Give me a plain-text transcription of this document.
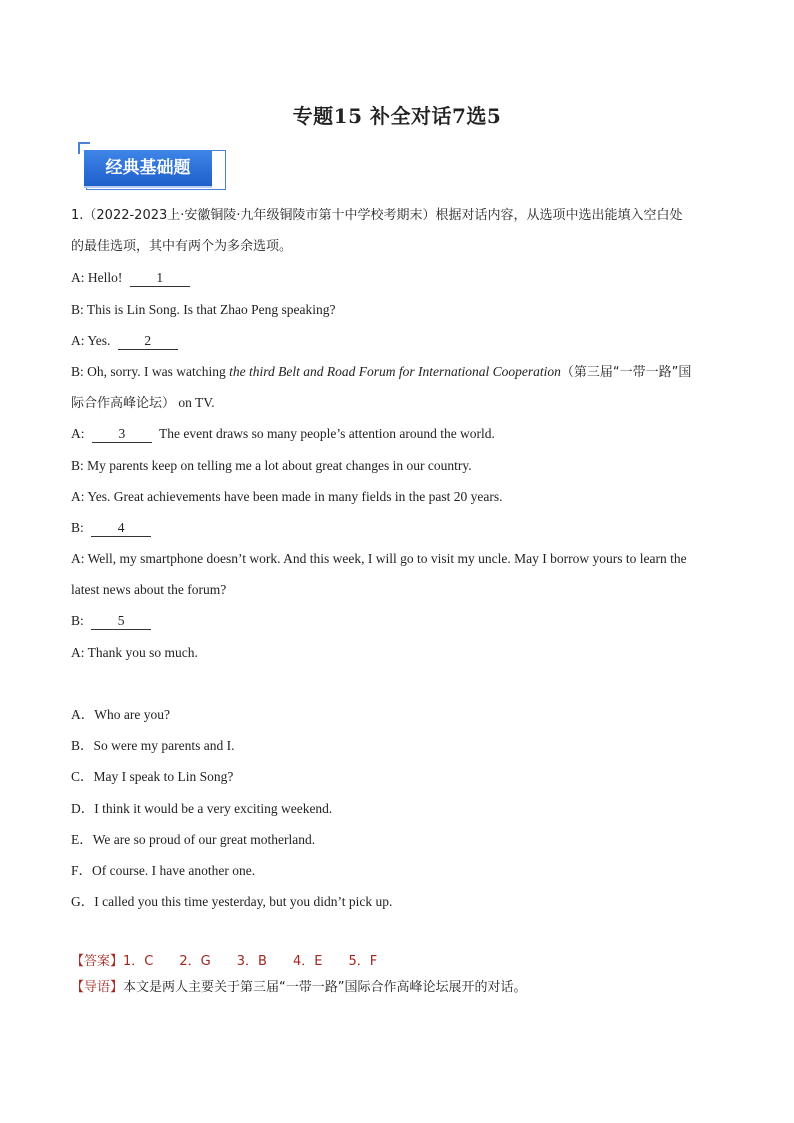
专题15 补全对话7选5
经典基础题
1.（2022-2023上·安徽铜陵·九年级铜陵市第十中学校考期末）根据对话内容，从选项中选出能填入空白处
的最佳选项，其中有两个为多余选项。
A: Hello!	1
B: This is Lin Song. Is that Zhao Peng speaking?
A: Yes.	2
B: Oh, sorry. I was watching the third Belt and Road Forum for International Cooperation（第三届“一带一路”国
际合作高峰论坛） on TV.
A:	3	The event draws so many people’s attention around the world.
B: My parents keep on telling me a lot about great changes in our country.
A: Yes. Great achievements have been made in many fields in the past 20 years.
B:	4
A: Well, my smartphone doesn’t work. And this week, I will go to visit my uncle. May I borrow yours to learn the
latest news about the forum?
B:	5
A: Thank you so much.
A．Who are you?
B．So were my parents and I.
C．May I speak to Lin Song?
D．I think it would be a very exciting weekend.
E．We are so proud of our great motherland.
F．Of course. I have another one.
G．I called you this time yesterday, but you didn’t pick up.
【答案】1．C 2．G 3．B 4．E 5．F
【导语】本文是两人主要关于第三届“一带一路”国际合作高峰论坛展开的对话。
